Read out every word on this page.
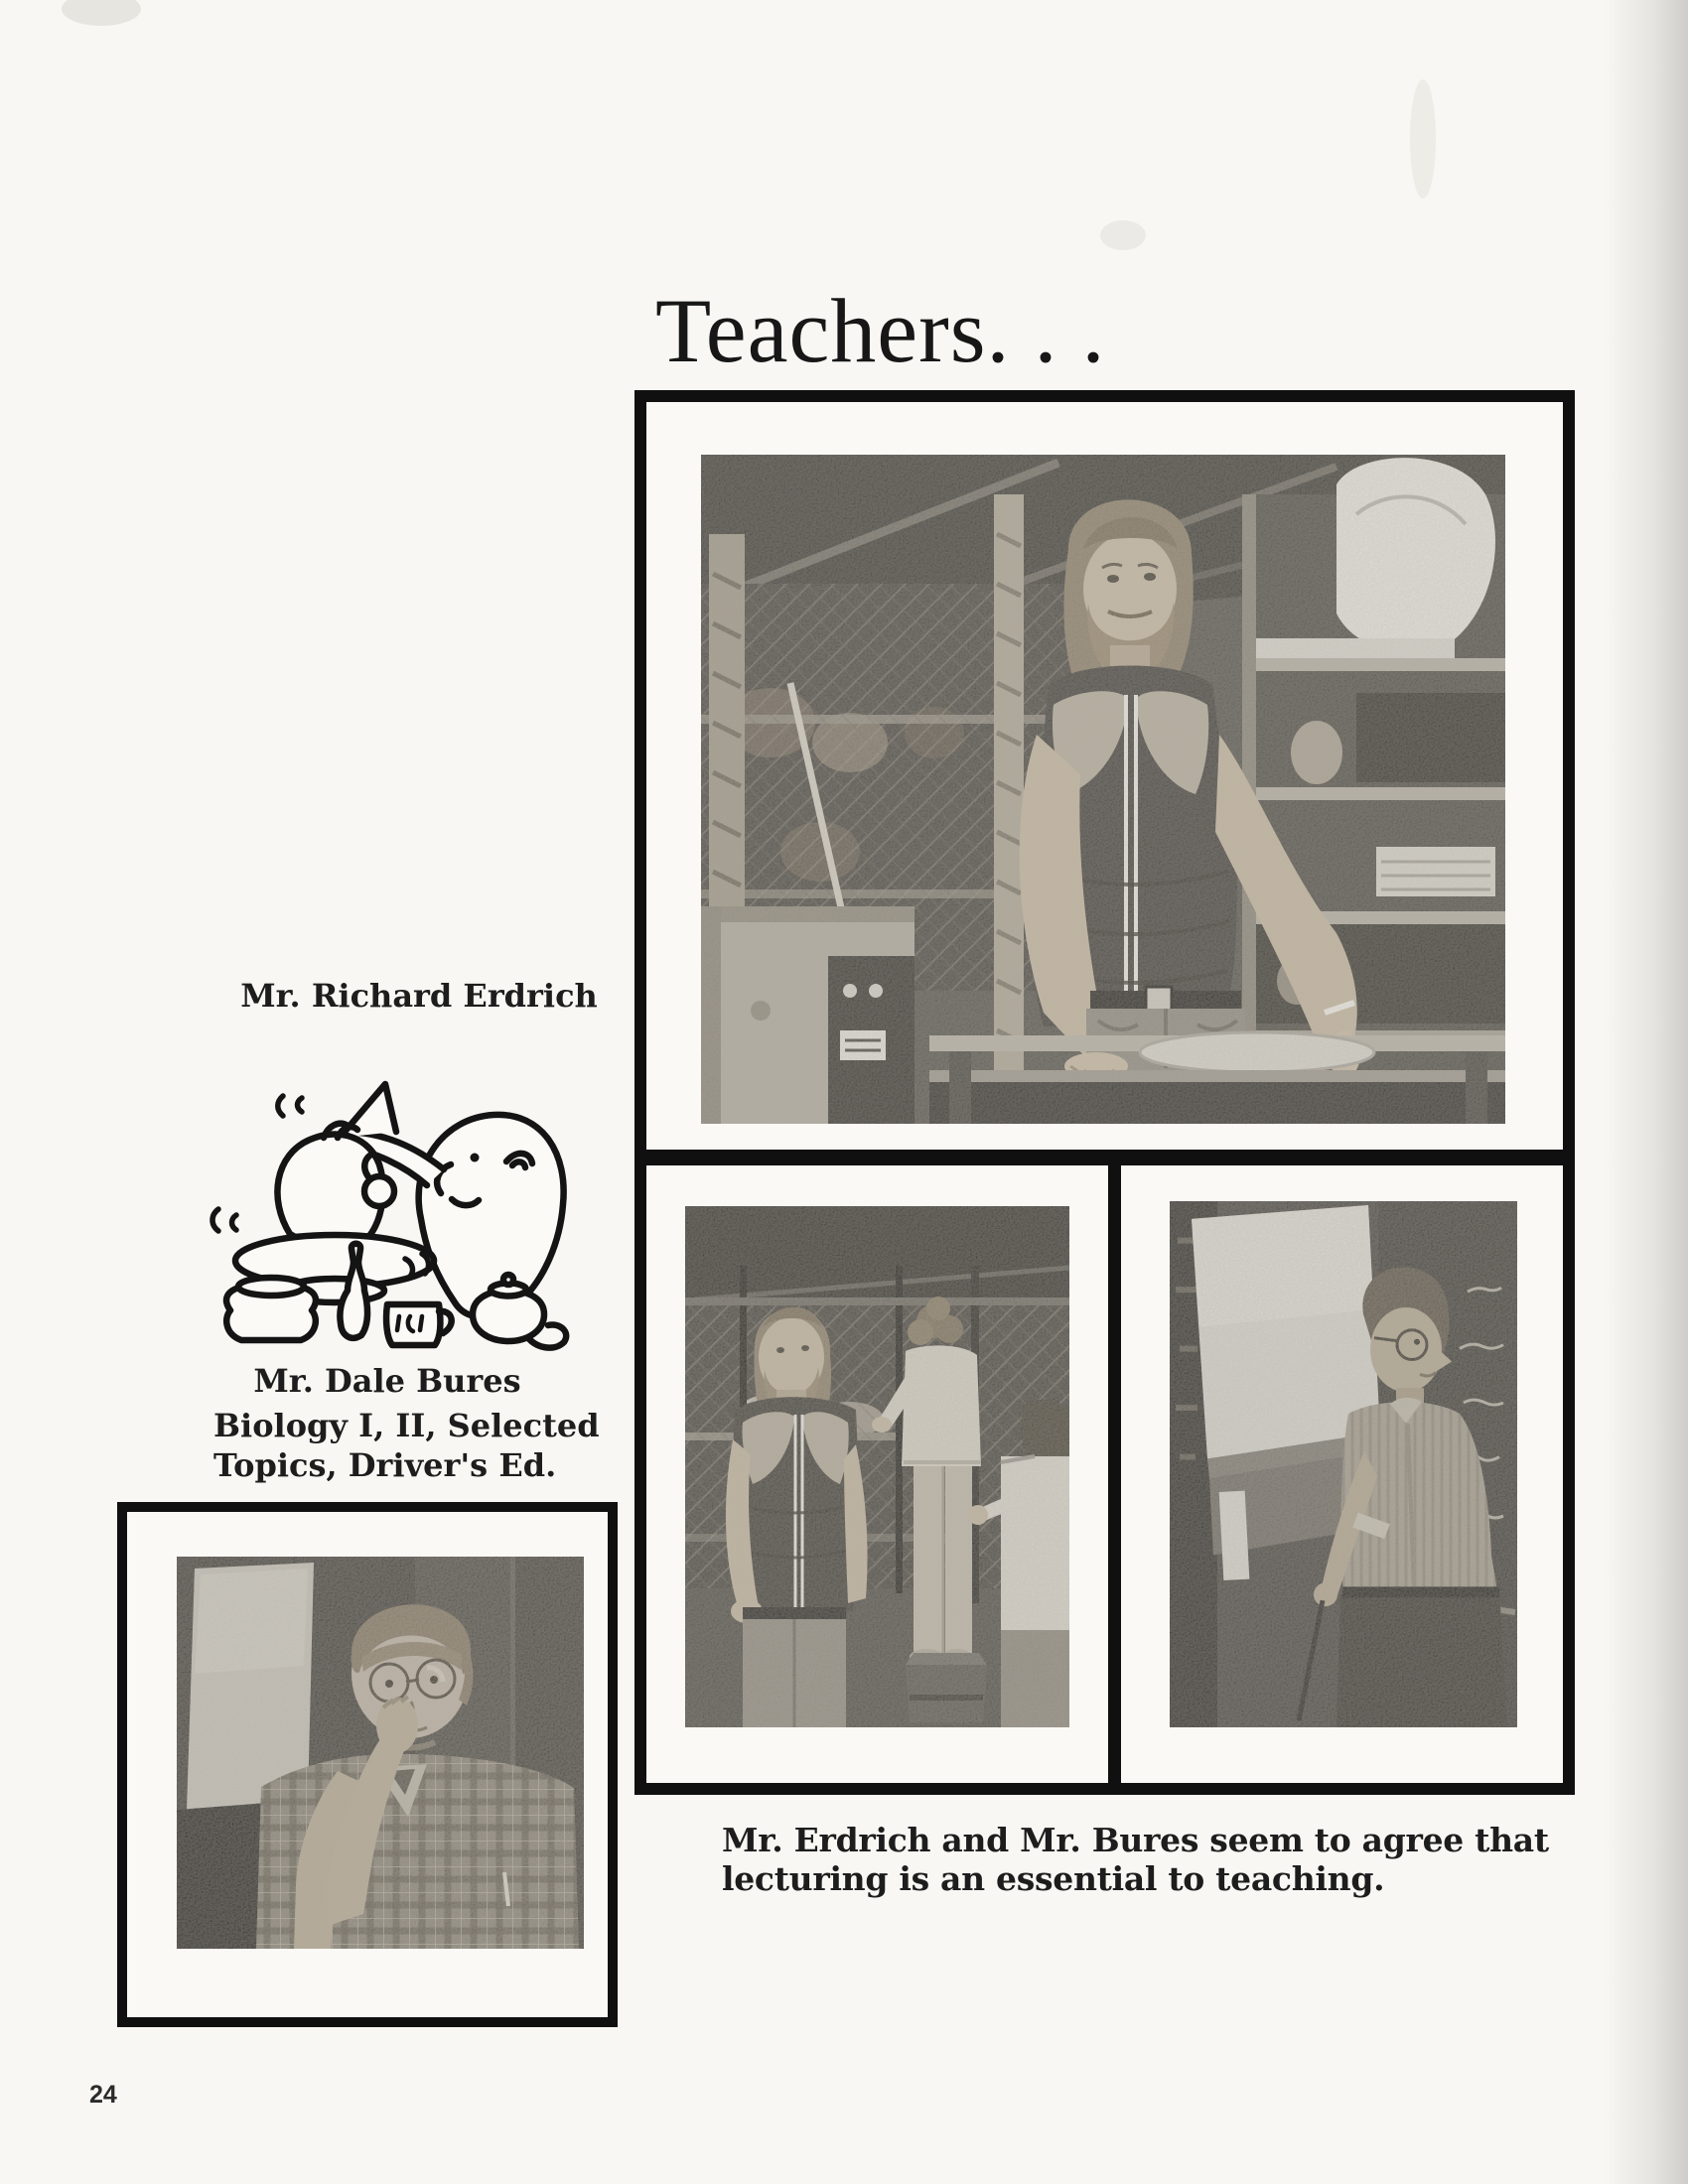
Teachers. . .
Mr. Richard Erdrich
Mr. Dale Bures
Biology I, II, Selected
Topics, Driver's Ed.
Mr. Erdrich and Mr. Bures seem to agree that
lecturing is an essential to teaching.
24
